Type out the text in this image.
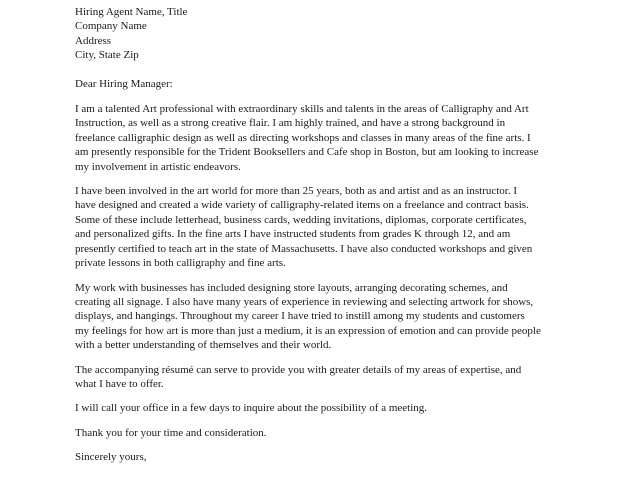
Hiring Agent Name, Title
Company Name
Address
City, State Zip
Dear Hiring Manager:
I am a talented Art professional with extraordinary skills and talents in the areas of Calligraphy and Art
Instruction, as well as a strong creative flair. I am highly trained, and have a strong background in
freelance calligraphic design as well as directing workshops and classes in many areas of the fine arts. I
am presently responsible for the Trident Booksellers and Cafe shop in Boston, but am looking to increase
my involvement in artistic endeavors.
I have been involved in the art world for more than 25 years, both as and artist and as an instructor. I
have designed and created a wide variety of calligraphy-related items on a freelance and contract basis.
Some of these include letterhead, business cards, wedding invitations, diplomas, corporate certificates,
and personalized gifts. In the fine arts I have instructed students from grades K through 12, and am
presently certified to teach art in the state of Massachusetts. I have also conducted workshops and given
private lessons in both calligraphy and fine arts.
My work with businesses has included designing store layouts, arranging decorating schemes, and
creating all signage. I also have many years of experience in reviewing and selecting artwork for shows,
displays, and hangings. Throughout my career I have tried to instill among my students and customers
my feelings for how art is more than just a medium, it is an expression of emotion and can provide people
with a better understanding of themselves and their world.
The accompanying résumé can serve to provide you with greater details of my areas of expertise, and
what I have to offer.
I will call your office in a few days to inquire about the possibility of a meeting.
Thank you for your time and consideration.
Sincerely yours,
